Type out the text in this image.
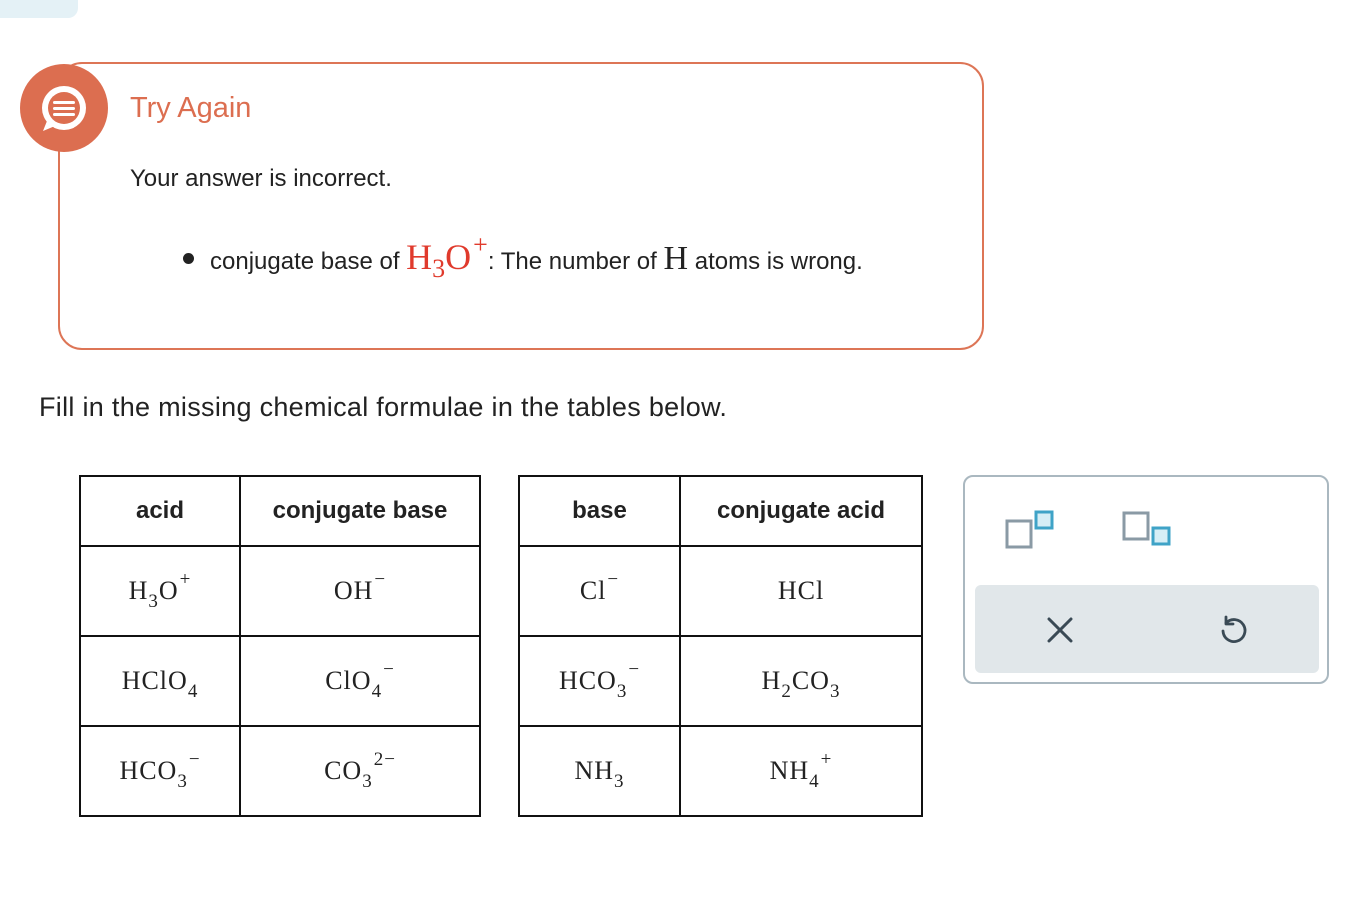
Try Again
Your answer is incorrect.
conjugate base of $H_3O^+$: The number of H atoms is wrong.
Fill in the missing chemical formulae in the tables below.
acid	conjugate base
$H_3O^+$	OH−
HClO$_4$	ClO$_4$−
$HCO_3^-$	$CO_3^{2-}$
base	conjugate acid
Cl−	HCl
$HCO_3^-$	$H_2CO_3$
$NH_3$	$NH_4^+$
